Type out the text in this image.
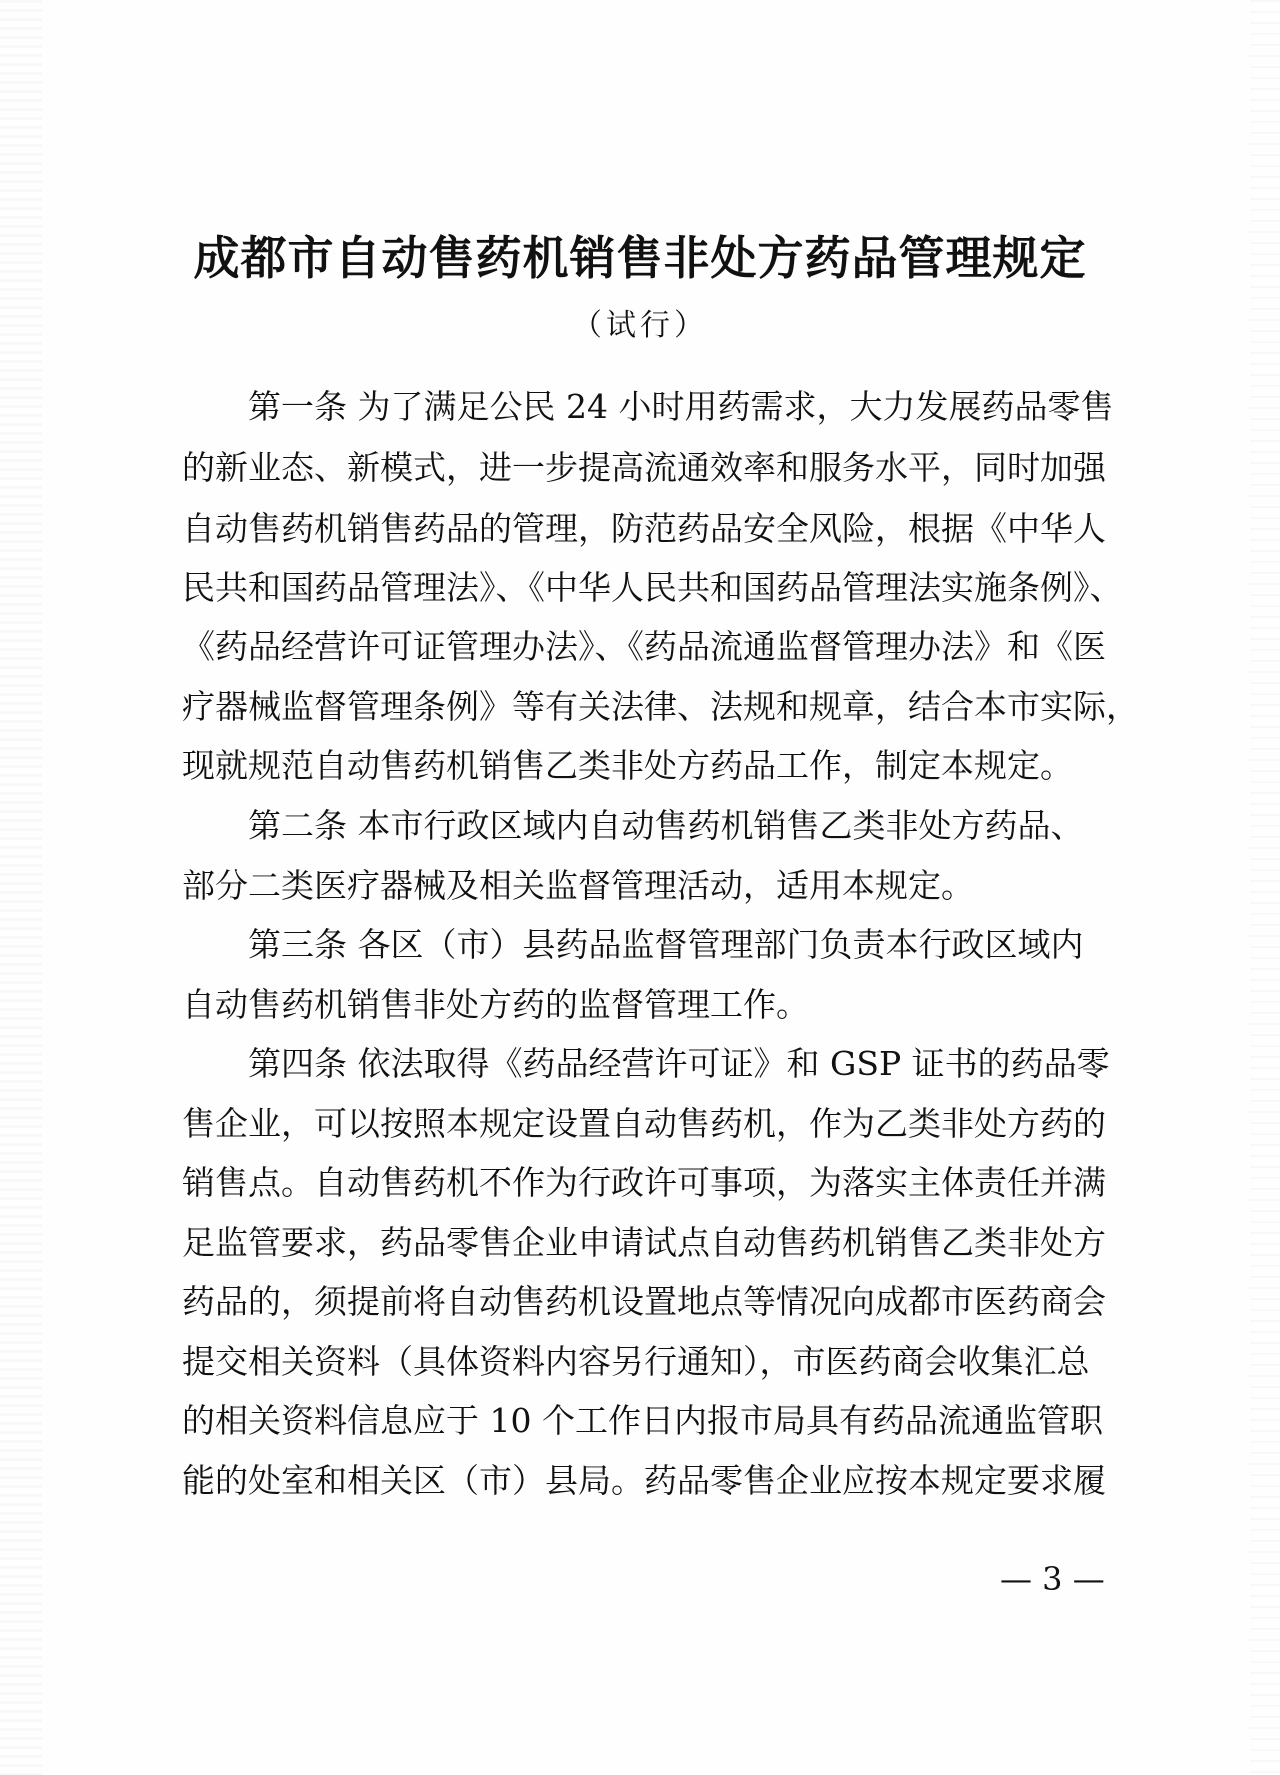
成都市自动售药机销售非处方药品管理规定
（试行）
第一条 为了满足公民 24 小时用药需求，大力发展药品零售
的新业态、新模式，进一步提高流通效率和服务水平，同时加强
自动售药机销售药品的管理，防范药品安全风险，根据《中华人
民共和国药品管理法》、《中华人民共和国药品管理法实施条例》、
《药品经营许可证管理办法》、《药品流通监督管理办法》和《医
疗器械监督管理条例》等有关法律、法规和规章，结合本市实际，
现就规范自动售药机销售乙类非处方药品工作，制定本规定。
第二条 本市行政区域内自动售药机销售乙类非处方药品、
部分二类医疗器械及相关监督管理活动，适用本规定。
第三条 各区（市）县药品监督管理部门负责本行政区域内
自动售药机销售非处方药的监督管理工作。
第四条 依法取得《药品经营许可证》和 GSP 证书的药品零
售企业，可以按照本规定设置自动售药机，作为乙类非处方药的
销售点。自动售药机不作为行政许可事项，为落实主体责任并满
足监管要求，药品零售企业申请试点自动售药机销售乙类非处方
药品的，须提前将自动售药机设置地点等情况向成都市医药商会
提交相关资料（具体资料内容另行通知），市医药商会收集汇总
的相关资料信息应于 10 个工作日内报市局具有药品流通监管职
能的处室和相关区（市）县局。药品零售企业应按本规定要求履
— 3 —
